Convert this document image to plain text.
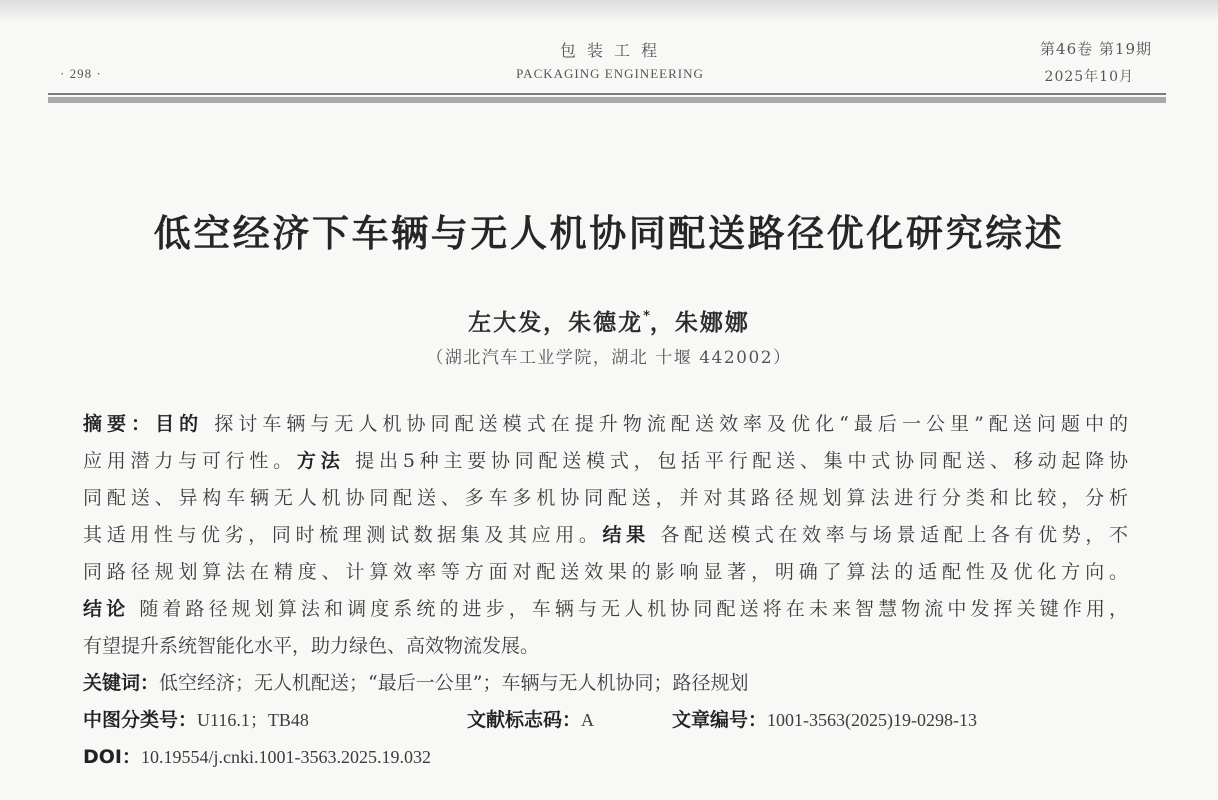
· 298 ·
包 装 工 程
PACKAGING ENGINEERING
第46卷 第19期
2025年10月
低空经济下车辆与无人机协同配送路径优化研究综述
左大发，朱德龙*，朱娜娜
（湖北汽车工业学院，湖北 十堰 442002）
摘要：目的 探讨车辆与无人机协同配送模式在提升物流配送效率及优化“最后一公里”配送问题中的
应用潜力与可行性。方法 提出5种主要协同配送模式，包括平行配送、集中式协同配送、移动起降协
同配送、异构车辆无人机协同配送、多车多机协同配送，并对其路径规划算法进行分类和比较，分析
其适用性与优劣，同时梳理测试数据集及其应用。结果 各配送模式在效率与场景适配上各有优势，不
同路径规划算法在精度、计算效率等方面对配送效果的影响显著，明确了算法的适配性及优化方向。
结论 随着路径规划算法和调度系统的进步，车辆与无人机协同配送将在未来智慧物流中发挥关键作用，
有望提升系统智能化水平，助力绿色、高效物流发展。
关键词：低空经济；无人机配送；“最后一公里”；车辆与无人机协同；路径规划
中图分类号：U116.1；TB48	文献标志码：A	文章编号：1001-3563(2025)19-0298-13
DOI：10.19554/j.cnki.1001-3563.2025.19.032
